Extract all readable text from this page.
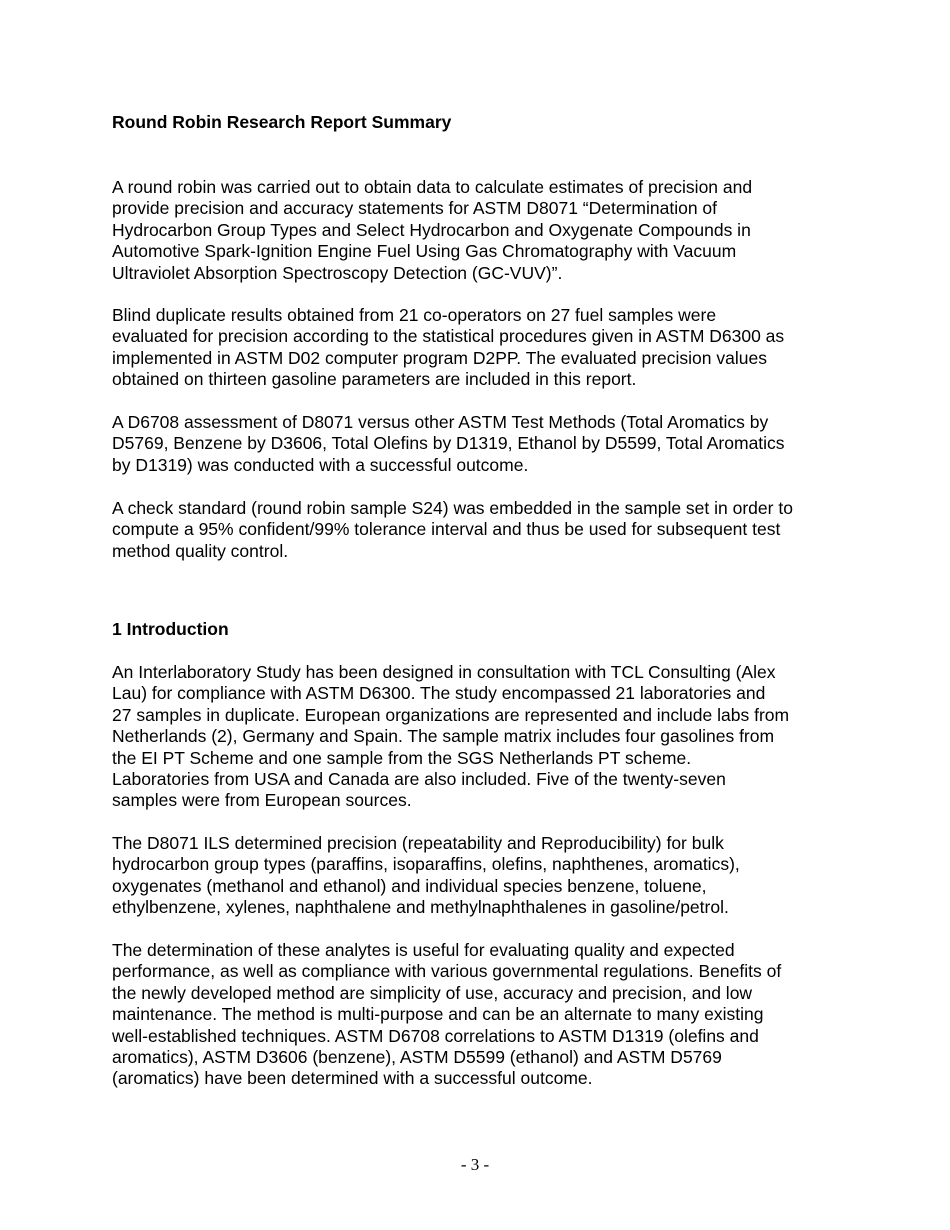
Round Robin Research Report Summary

A round robin was carried out to obtain data to calculate estimates of precision and
provide precision and accuracy statements for ASTM D8071 “Determination of
Hydrocarbon Group Types and Select Hydrocarbon and Oxygenate Compounds in
Automotive Spark-Ignition Engine Fuel Using Gas Chromatography with Vacuum
Ultraviolet Absorption Spectroscopy Detection (GC-VUV)”.

Blind duplicate results obtained from 21 co-operators on 27 fuel samples were
evaluated for precision according to the statistical procedures given in ASTM D6300 as
implemented in ASTM D02 computer program D2PP. The evaluated precision values
obtained on thirteen gasoline parameters are included in this report.

A D6708 assessment of D8071 versus other ASTM Test Methods (Total Aromatics by
D5769, Benzene by D3606, Total Olefins by D1319, Ethanol by D5599, Total Aromatics
by D1319) was conducted with a successful outcome.

A check standard (round robin sample S24) was embedded in the sample set in order to
compute a 95% confident/99% tolerance interval and thus be used for subsequent test
method quality control.

1 Introduction

An Interlaboratory Study has been designed in consultation with TCL Consulting (Alex
Lau) for compliance with ASTM D6300. The study encompassed 21 laboratories and
27 samples in duplicate. European organizations are represented and include labs from
Netherlands (2), Germany and Spain. The sample matrix includes four gasolines from
the EI PT Scheme and one sample from the SGS Netherlands PT scheme.
Laboratories from USA and Canada are also included. Five of the twenty-seven
samples were from European sources.

The D8071 ILS determined precision (repeatability and Reproducibility) for bulk
hydrocarbon group types (paraffins, isoparaffins, olefins, naphthenes, aromatics),
oxygenates (methanol and ethanol) and individual species benzene, toluene,
ethylbenzene, xylenes, naphthalene and methylnaphthalenes in gasoline/petrol.

The determination of these analytes is useful for evaluating quality and expected
performance, as well as compliance with various governmental regulations. Benefits of
the newly developed method are simplicity of use, accuracy and precision, and low
maintenance. The method is multi-purpose and can be an alternate to many existing
well-established techniques. ASTM D6708 correlations to ASTM D1319 (olefins and
aromatics), ASTM D3606 (benzene), ASTM D5599 (ethanol) and ASTM D5769
(aromatics) have been determined with a successful outcome.

- 3 -
